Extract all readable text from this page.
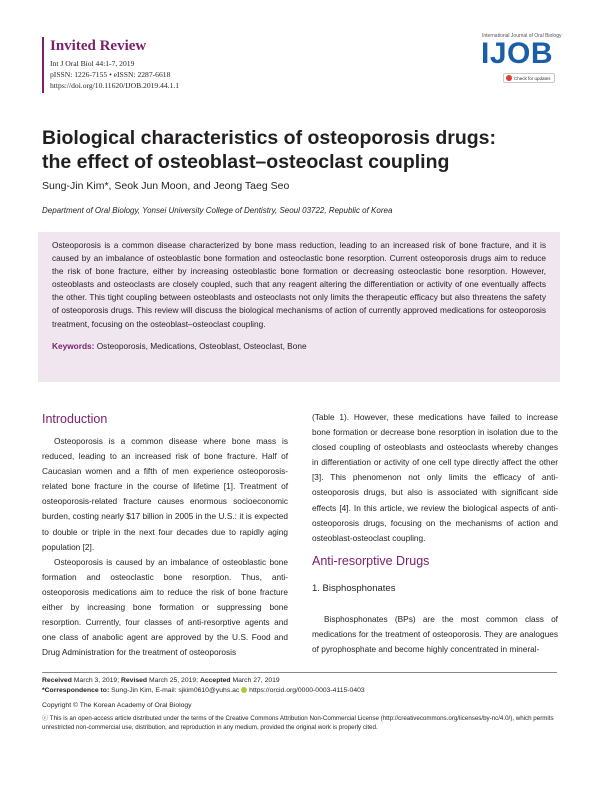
Invited Review
Int J Oral Biol 44:1-7, 2019
pISSN: 1226-7155 • eISSN: 2287-6618
https://doi.org/10.11620/IJOB.2019.44.1.1
International Journal of Oral Biology
IJOB
Check for updates
Biological characteristics of osteoporosis drugs:
the effect of osteoblast–osteoclast coupling
Sung-Jin Kim*, Seok Jun Moon, and Jeong Taeg Seo
Department of Oral Biology, Yonsei University College of Dentistry, Seoul 03722, Republic of Korea
Osteoporosis is a common disease characterized by bone mass reduction, leading to an increased risk of bone fracture, and it is caused by an imbalance of osteoblastic bone formation and osteoclastic bone resorption. Current osteoporosis drugs aim to reduce the risk of bone fracture, either by increasing osteoblastic bone formation or decreasing osteoclastic bone resorption. However, osteoblasts and osteoclasts are closely coupled, such that any reagent altering the differentiation or activity of one eventually affects the other. This tight coupling between osteoblasts and osteoclasts not only limits the therapeutic efficacy but also threatens the safety of osteoporosis drugs. This review will discuss the biological mechanisms of action of currently approved medications for osteoporosis treatment, focusing on the osteoblast–osteoclast coupling.
Keywords: Osteoporosis, Medications, Osteoblast, Osteoclast, Bone
Introduction

Osteoporosis is a common disease where bone mass is reduced, leading to an increased risk of bone fracture. Half of Caucasian women and a fifth of men experience osteoporosis-related bone fracture in the course of lifetime [1]. Treatment of osteoporosis-related fracture causes enormous socioeconomic burden, costing nearly $17 billion in 2005 in the U.S.: it is expected to double or triple in the next four decades due to rapidly aging population [2].

Osteoporosis is caused by an imbalance of osteoblastic bone formation and osteoclastic bone resorption. Thus, anti-osteoporosis medications aim to reduce the risk of bone fracture either by increasing bone formation or suppressing bone resorption. Currently, four classes of anti-resorptive agents and one class of anabolic agent are approved by the U.S. Food and Drug Administration for the treatment of osteoporosis

(Table 1). However, these medications have failed to increase bone formation or decrease bone resorption in isolation due to the closed coupling of osteoblasts and osteoclasts whereby changes in differentiation or activity of one cell type directly affect the other [3]. This phenomenon not only limits the efficacy of anti-osteoporosis drugs, but also is associated with significant side effects [4]. In this article, we review the biological aspects of anti-osteoporosis drugs, focusing on the mechanisms of action and osteoblast-osteoclast coupling.
Anti-resorptive Drugs
1. Bisphosphonates

Bisphosphonates (BPs) are the most common class of medications for the treatment of osteoporosis. They are analogues of pyrophosphate and become highly concentrated in mineral-

Received March 3, 2019; Revised March 25, 2019; Accepted March 27, 2019
*Correspondence to: Sung-Jin Kim, E-mail: sjkim0610@yuhs.ac https://orcid.org/0000-0003-4115-0403
Copyright © The Korean Academy of Oral Biology
ⓒ This is an open-access article distributed under the terms of the Creative Commons Attribution Non-Commercial License (http://creativecommons.org/licenses/by-nc/4.0/), which permits unrestricted non-commercial use, distribution, and reproduction in any medium, provided the original work is properly cited.
